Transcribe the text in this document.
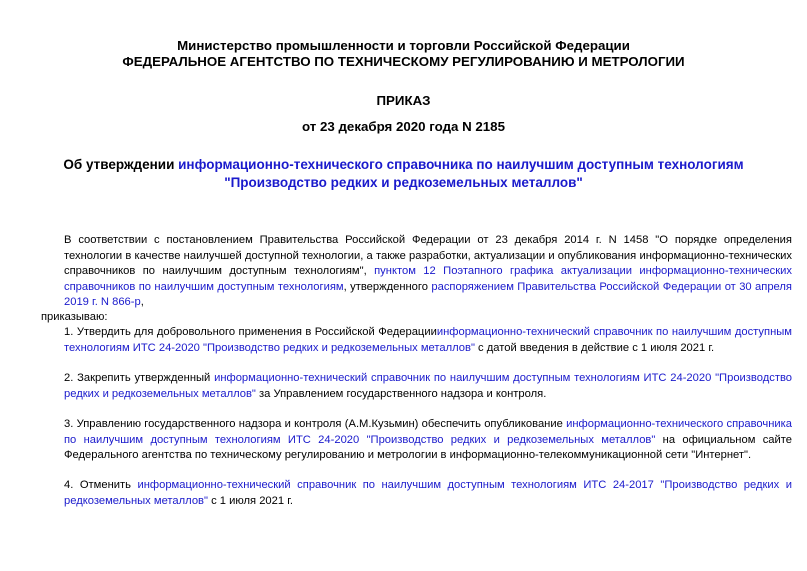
Министерство промышленности и торговли Российской Федерации
ФЕДЕРАЛЬНОЕ АГЕНТСТВО ПО ТЕХНИЧЕСКОМУ РЕГУЛИРОВАНИЮ И МЕТРОЛОГИИ
ПРИКАЗ
от 23 декабря 2020 года N 2185
Об утверждении информационно-технического справочника по наилучшим доступным технологиям
"Производство редких и редкоземельных металлов"
В соответствии с постановлением Правительства Российской Федерации от 23 декабря 2014 г. N 1458 "О порядке определения технологии в качестве наилучшей доступной технологии, а также разработки, актуализации и опубликования информационно-технических справочников по наилучшим доступным технологиям", пунктом 12 Поэтапного графика актуализации информационно-технических справочников по наилучшим доступным технологиям, утвержденного распоряжением Правительства Российской Федерации от 30 апреля 2019 г. N 866-р,
приказываю:
1. Утвердить для добровольного применения в Российской Федерацииинформационно-технический справочник по наилучшим доступным технологиям ИТС 24-2020 "Производство редких и редкоземельных металлов" с датой введения в действие с 1 июля 2021 г.
2. Закрепить утвержденный информационно-технический справочник по наилучшим доступным технологиям ИТС 24-2020 "Производство редких и редкоземельных металлов" за Управлением государственного надзора и контроля.
3. Управлению государственного надзора и контроля (А.М.Кузьмин) обеспечить опубликование информационно-технического справочника по наилучшим доступным технологиям ИТС 24-2020 "Производство редких и редкоземельных металлов" на официальном сайте Федерального агентства по техническому регулированию и метрологии в информационно-телекоммуникационной сети "Интернет".
4. Отменить информационно-технический справочник по наилучшим доступным технологиям ИТС 24-2017 "Производство редких и редкоземельных металлов" с 1 июля 2021 г.
